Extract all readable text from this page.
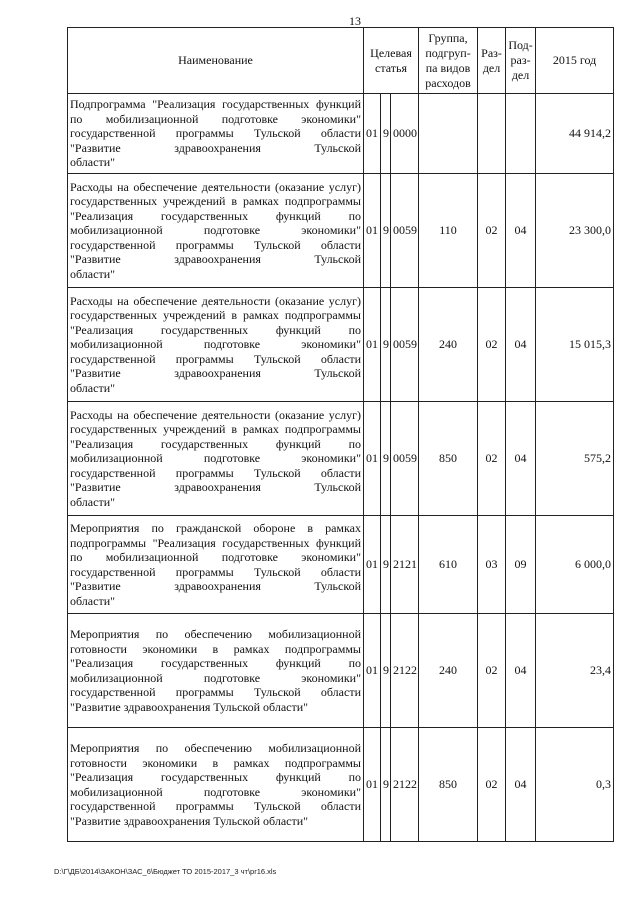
13
Наименование	Целевая статья			Группа, подгруп-па видов расходов	Раз-дел	Под-раз-дел	2015 год
Подпрограмма "Реализация государственных функций по мобилизационной подготовке экономики" государственной программы Тульской области "Развитие здравоохранения Тульской
области"	01	9	0000				44 914,2
Расходы на обеспечение деятельности (оказание услуг) государственных учреждений в рамках подпрограммы "Реализация государственных функций по мобилизационной подготовке экономики" государственной программы Тульской области "Развитие здравоохранения Тульской
области"	01	9	0059	110	02	04	23 300,0
Расходы на обеспечение деятельности (оказание услуг) государственных учреждений в рамках подпрограммы "Реализация государственных функций по мобилизационной подготовке экономики" государственной программы Тульской области "Развитие здравоохранения Тульской
области"	01	9	0059	240	02	04	15 015,3
Расходы на обеспечение деятельности (оказание услуг) государственных учреждений в рамках подпрограммы "Реализация государственных функций по мобилизационной подготовке экономики" государственной программы Тульской области "Развитие здравоохранения Тульской
области"	01	9	0059	850	02	04	575,2
Мероприятия по гражданской обороне в рамках подпрограммы "Реализация государственных функций по мобилизационной подготовке экономики" государственной программы Тульской области "Развитие здравоохранения Тульской
области"	01	9	2121	610	03	09	6 000,0
Мероприятия по обеспечению мобилизационной готовности экономики в рамках подпрограммы "Реализация государственных функций по мобилизационной подготовке экономики" государственной программы Тульской области
"Развитие здравоохранения Тульской области"	01	9	2122	240	02	04	23,4
Мероприятия по обеспечению мобилизационной готовности экономики в рамках подпрограммы "Реализация государственных функций по мобилизационной подготовке экономики" государственной программы Тульской области
"Развитие здравоохранения Тульской области"	01	9	2122	850	02	04	0,3
D:\Г\ДБ\2014\ЗАКОН\ЗАС_6\Бюджет ТО 2015-2017_3 чт\pr16.xls
